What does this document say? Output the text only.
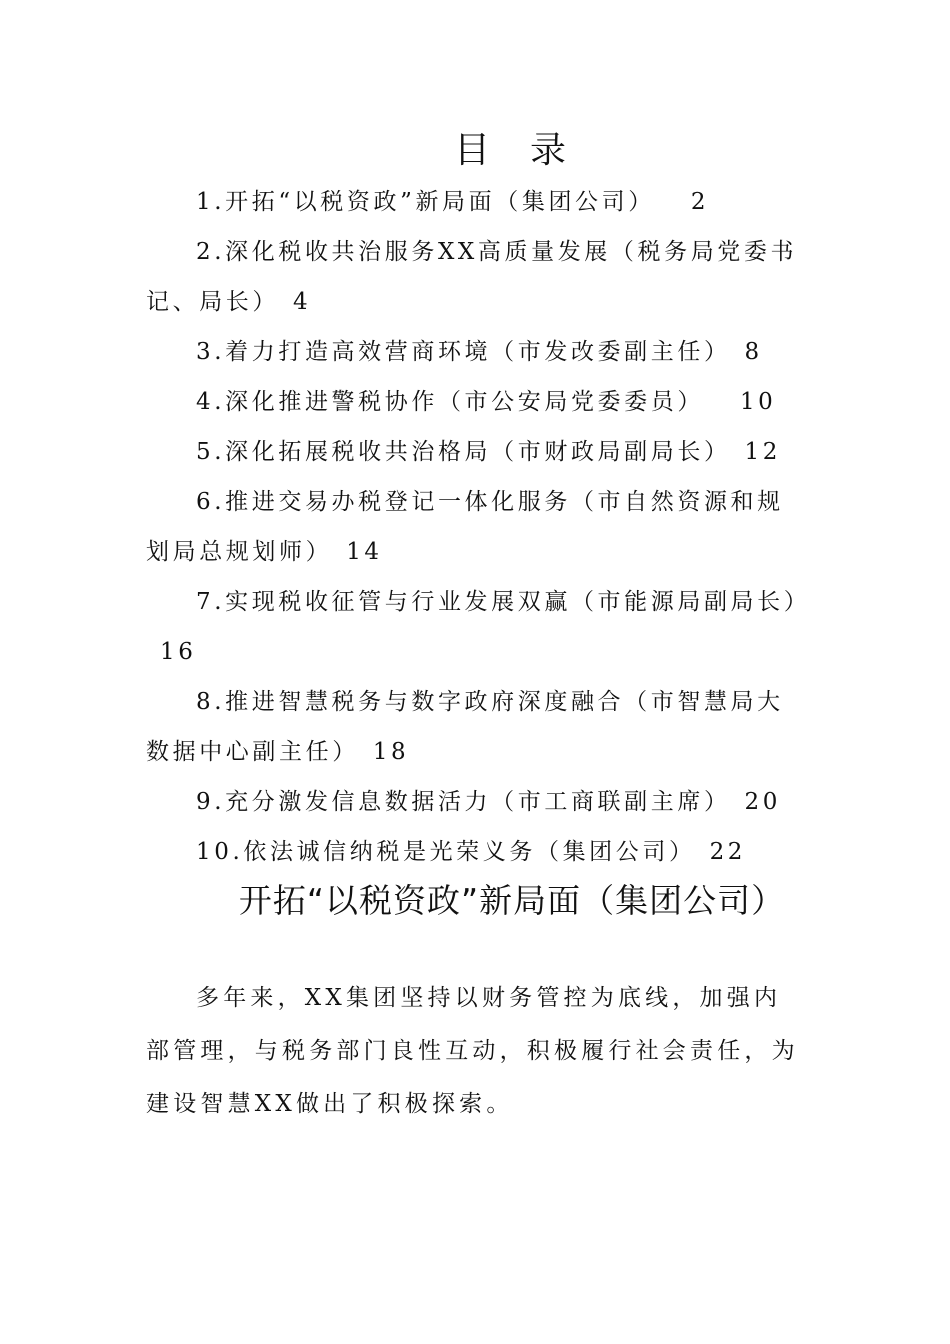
目 录
1.开拓“以税资政”新局面（集团公司） 2
2.深化税收共治服务XX高质量发展（税务局党委书记、局长） 4
3.着力打造高效营商环境（市发改委副主任） 8
4.深化推进警税协作（市公安局党委委员） 10
5.深化拓展税收共治格局（市财政局副局长） 12
6.推进交易办税登记一体化服务（市自然资源和规划局总规划师） 14
7.实现税收征管与行业发展双赢（市能源局副局长）16
8.推进智慧税务与数字政府深度融合（市智慧局大数据中心副主任） 18
9.充分激发信息数据活力（市工商联副主席） 20
10.依法诚信纳税是光荣义务（集团公司） 22
开拓“以税资政”新局面（集团公司）
多年来，XX集团坚持以财务管控为底线，加强内部管理，与税务部门良性互动，积极履行社会责任，为建设智慧XX做出了积极探索。
